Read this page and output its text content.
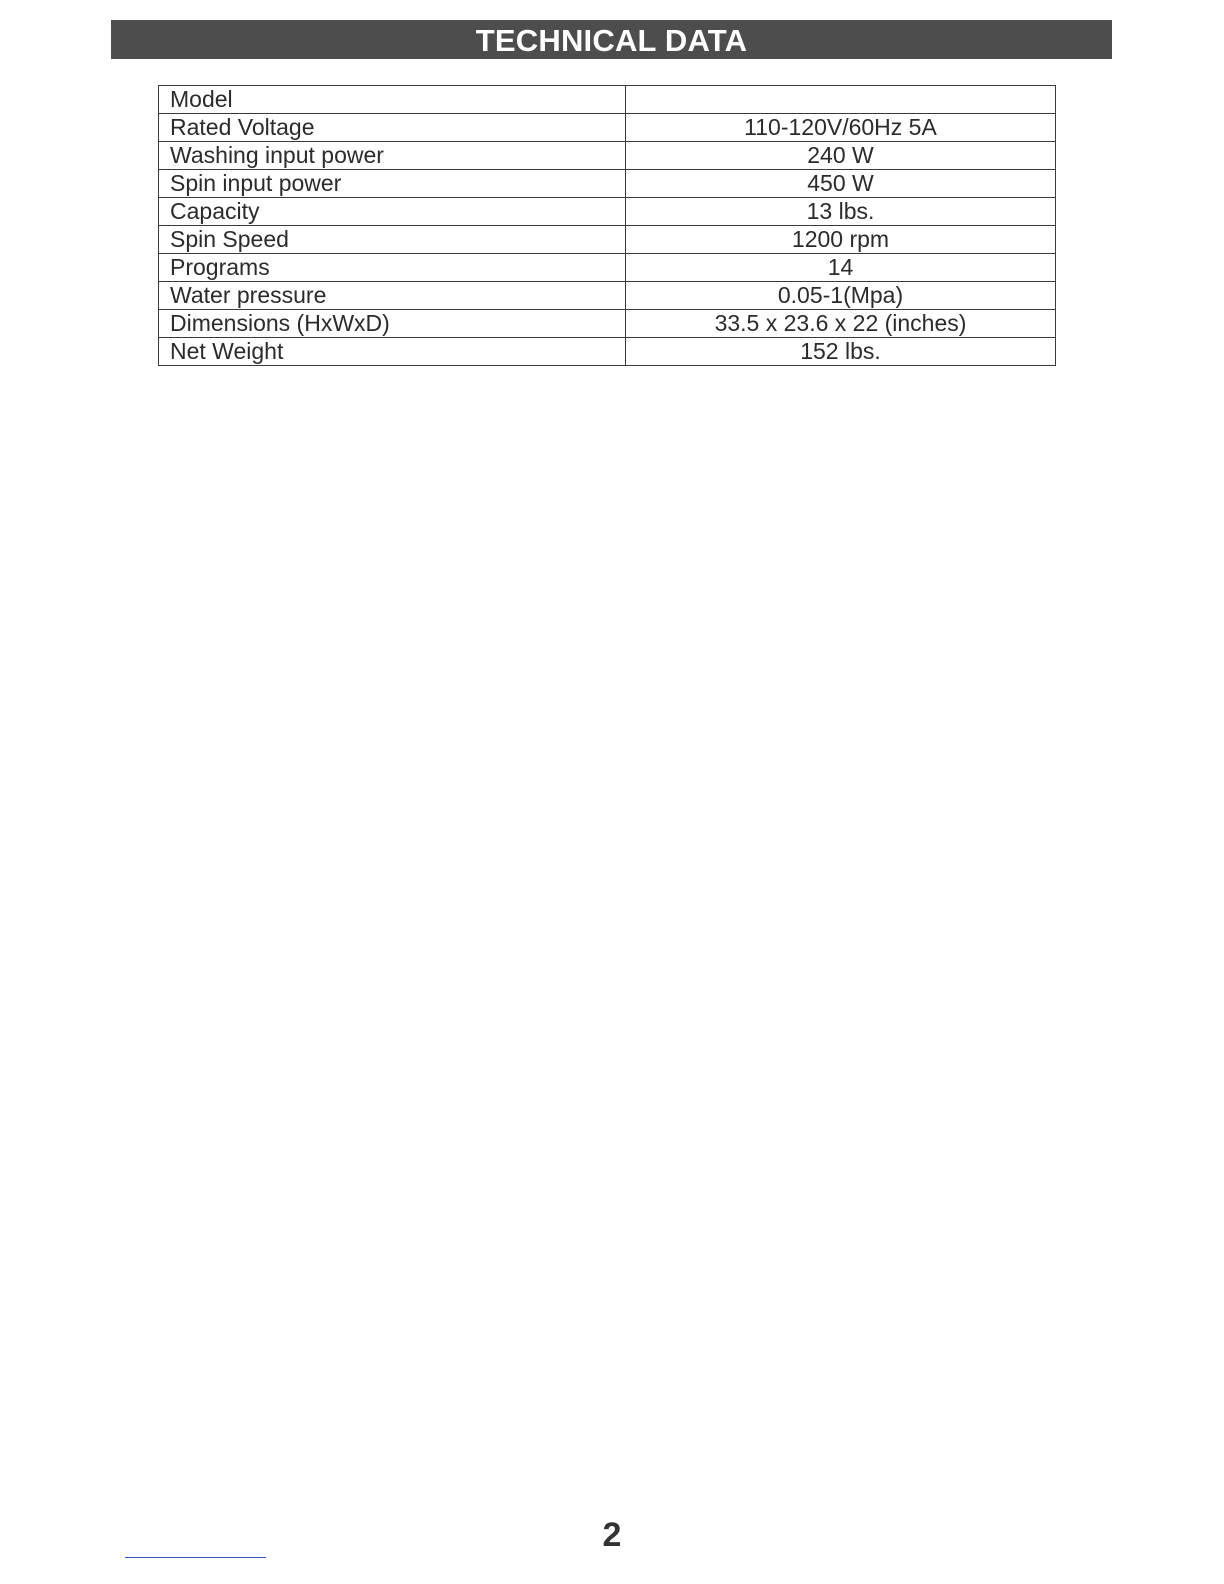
TECHNICAL DATA
Model	
Rated Voltage	110-120V/60Hz 5A
Washing input power	240 W
Spin input power	450 W
Capacity	13 lbs.
Spin Speed	1200 rpm
Programs	14
Water pressure	0.05-1(Mpa)
Dimensions (HxWxD)	33.5 x 23.6 x 22 (inches)
Net Weight	152 lbs.
2
